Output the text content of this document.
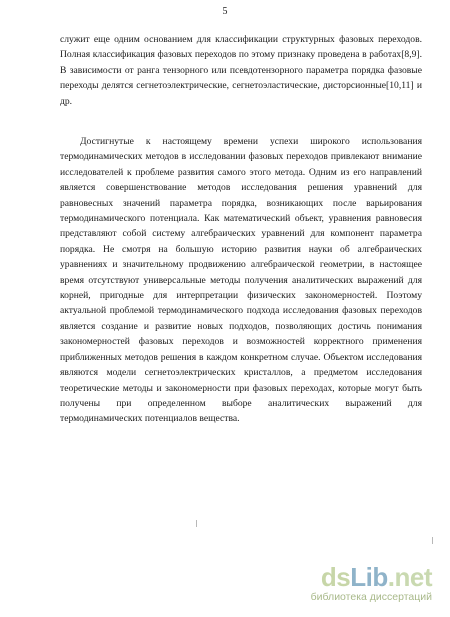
5

служит еще одним основанием для классификации структурных фазовых переходов. Полная классификация фазовых переходов по этому признаку проведена в работах[8,9]. В зависимости от ранга тензорного или псевдотензорного параметра порядка фазовые переходы делятся сегнетоэлектрические, сегнетоэластические, дисторсионные[10,11] и др.

Достигнутые к настоящему времени успехи широкого использования термодинамических методов в исследовании фазовых переходов привлекают внимание исследователей к проблеме развития самого этого метода. Одним из его направлений является совершенствование методов исследования решения уравнений для равновесных значений параметра порядка, возникающих после варьирования термодинамического потенциала. Как математический объект, уравнения равновесия представляют собой систему алгебраических уравнений для компонент параметра порядка. Не смотря на большую историю развития науки об алгебраических уравнениях и значительному продвижению алгебраической геометрии, в настоящее время отсутствуют универсальные методы получения аналитических выражений для корней, пригодные для интерпретации физических закономерностей. Поэтому актуальной проблемой термодинамического подхода исследования фазовых переходов является создание и развитие новых подходов, позволяющих достичь понимания закономерностей фазовых переходов и возможностей корректного применения приближенных методов решения в каждом конкретном случае. Объектом исследования являются модели сегнетоэлектрических кристаллов, а предметом исследования теоретические методы и закономерности при фазовых переходах, которые могут быть получены при определенном выборе аналитических выражений для термодинамических потенциалов вещества.

dsLib.net
библиотека диссертаций
